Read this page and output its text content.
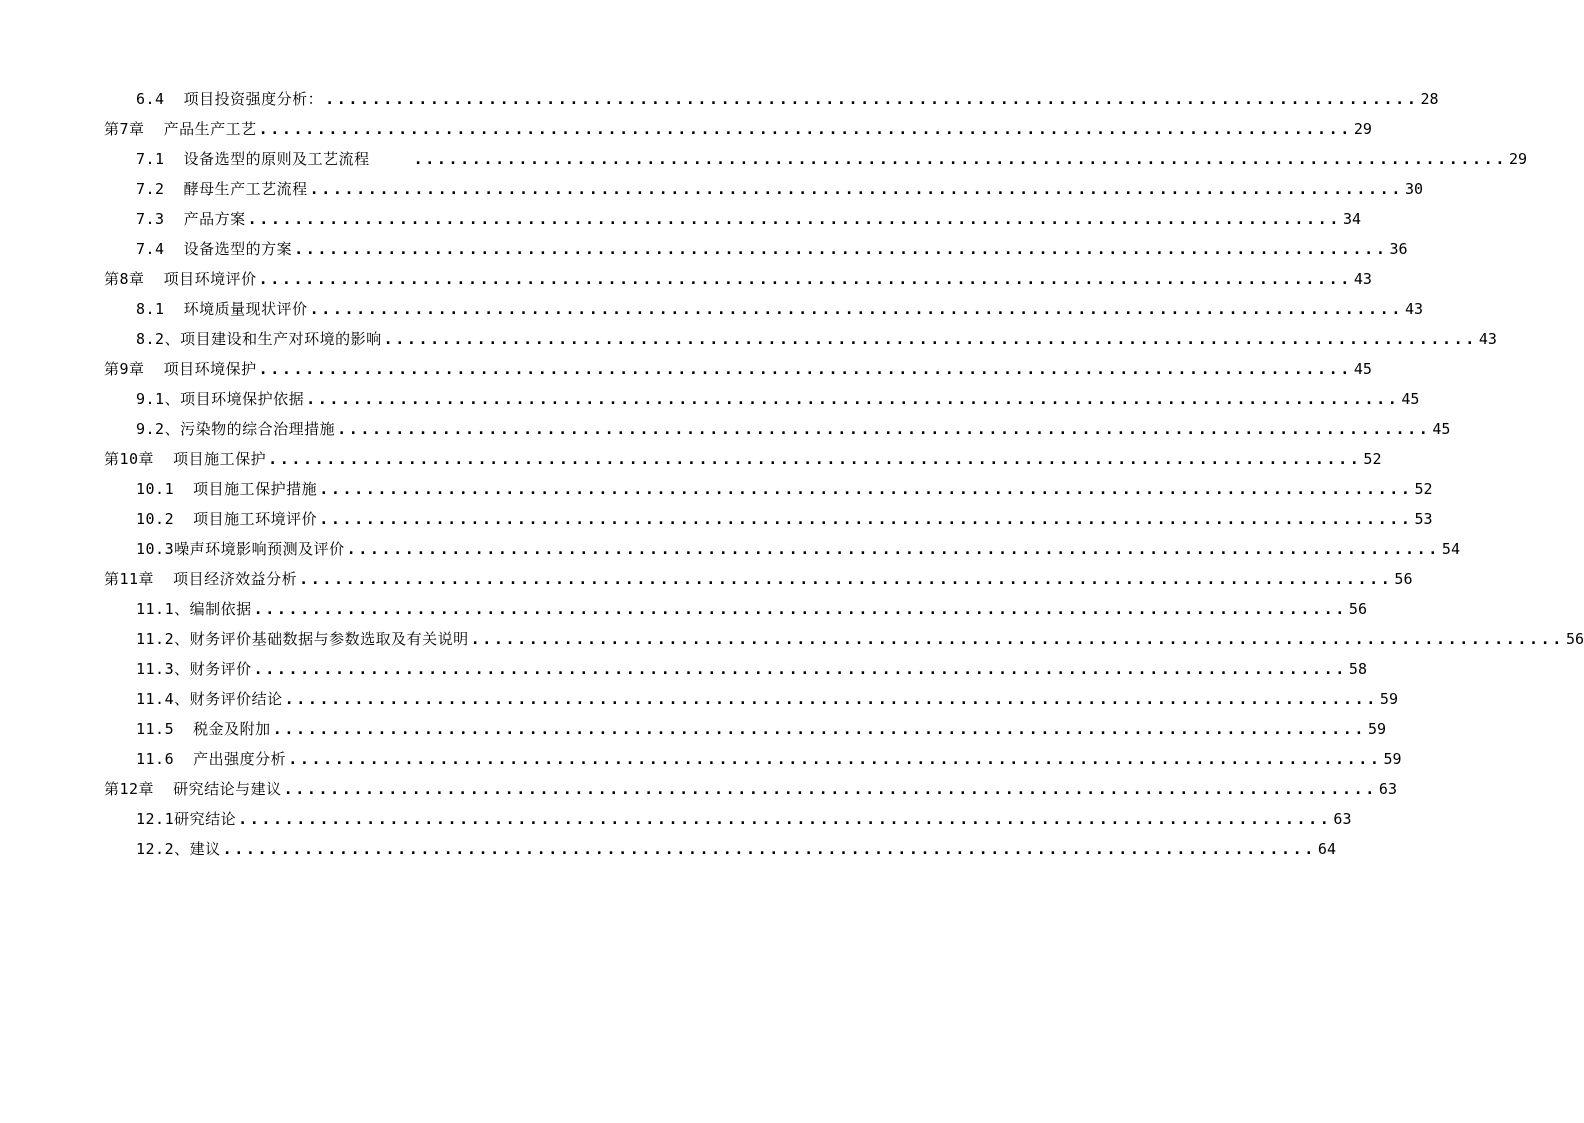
6.4  项目投资强度分析： .............................................................................................. 28
第7章  产品生产工艺 .............................................................................................. 29
7.1  设备选型的原则及工艺流程	.............................................................................................. 29
7.2  酵母生产工艺流程 .............................................................................................. 30
7.3  产品方案 .............................................................................................. 34
7.4  设备选型的方案 .............................................................................................. 36
第8章  项目环境评价 .............................................................................................. 43
8.1  环境质量现状评价 .............................................................................................. 43
8.2、项目建设和生产对环境的影响 .............................................................................................. 43
第9章  项目环境保护 .............................................................................................. 45
9.1、项目环境保护依据 .............................................................................................. 45
9.2、污染物的综合治理措施 .............................................................................................. 45
第10章  项目施工保护 .............................................................................................. 52
10.1  项目施工保护措施 .............................................................................................. 52
10.2  项目施工环境评价 .............................................................................................. 53
10.3噪声环境影响预测及评价 .............................................................................................. 54
第11章  项目经济效益分析 .............................................................................................. 56
11.1、编制依据 .............................................................................................. 56
11.2、财务评价基础数据与参数选取及有关说明 .............................................................................................. 56
11.3、财务评价 .............................................................................................. 58
11.4、财务评价结论 .............................................................................................. 59
11.5  税金及附加 .............................................................................................. 59
11.6  产出强度分析 .............................................................................................. 59
第12章  研究结论与建议 .............................................................................................. 63
12.1研究结论 .............................................................................................. 63
12.2、建议 .............................................................................................. 64
